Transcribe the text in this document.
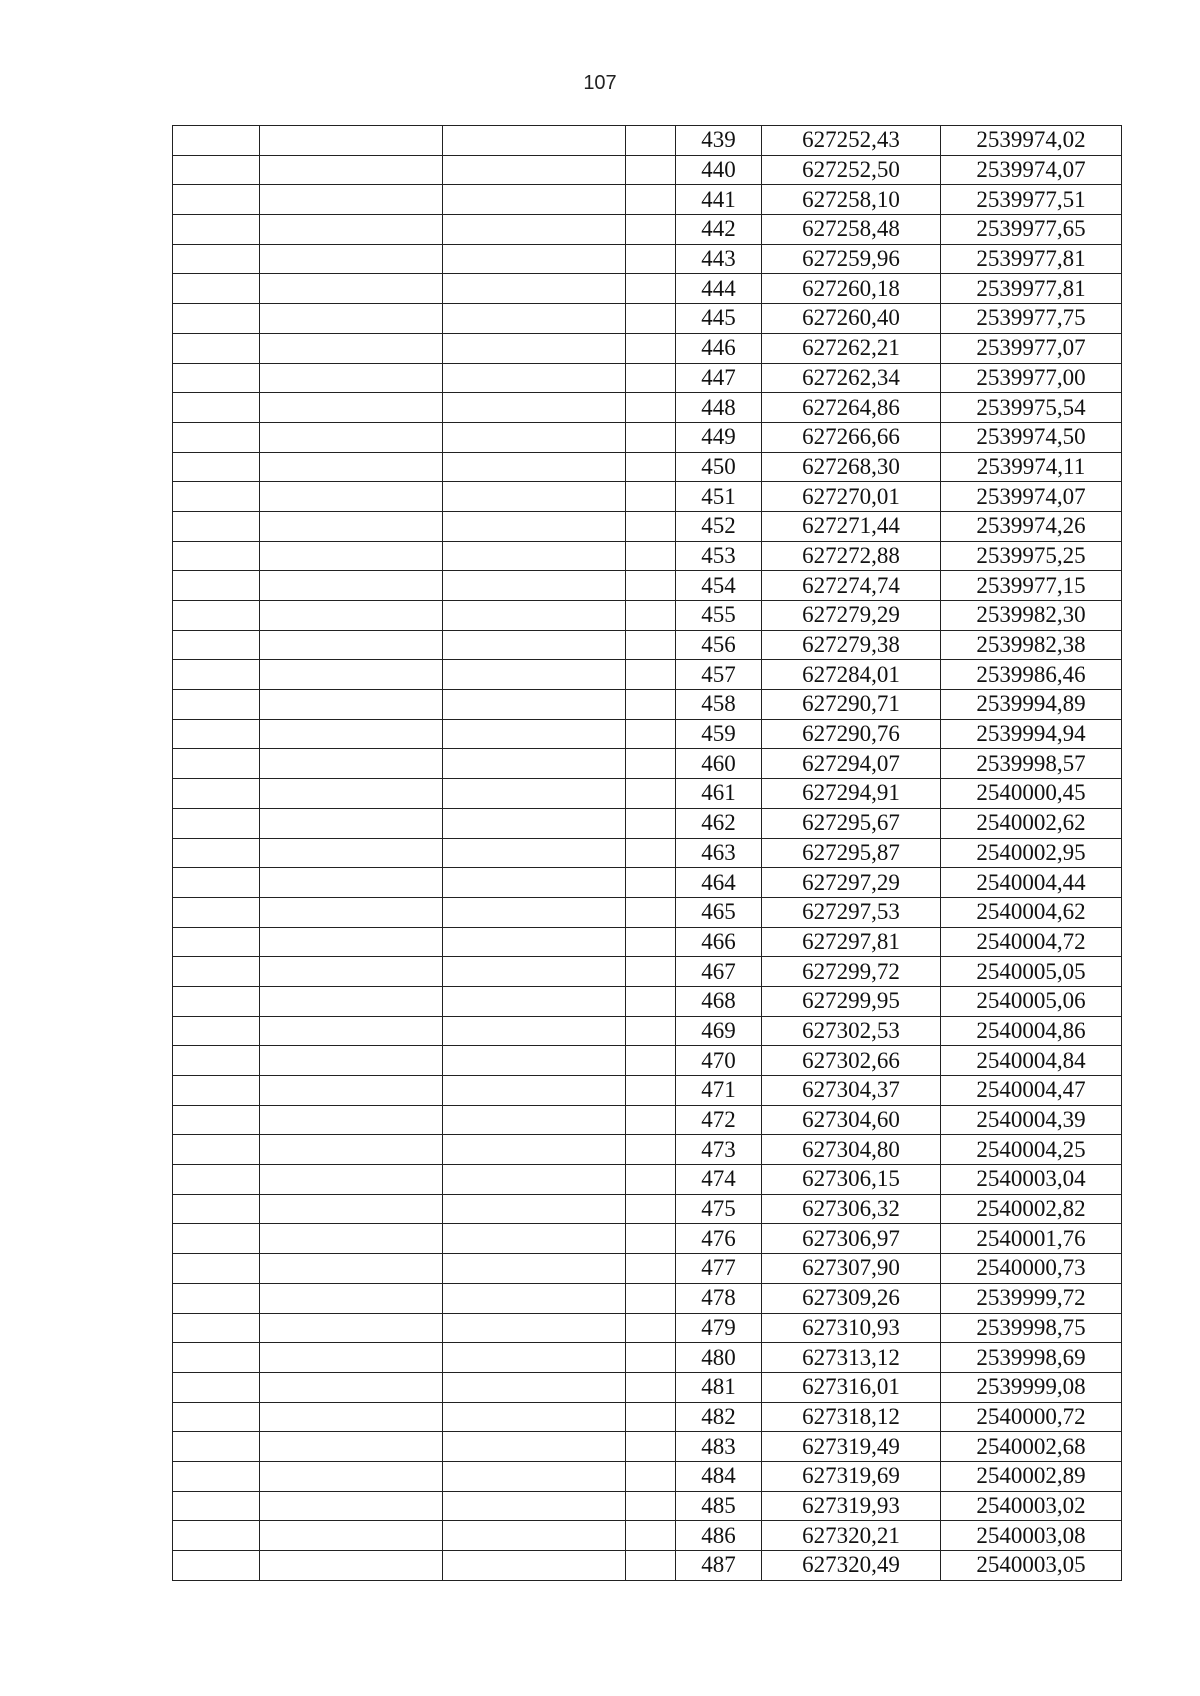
107
				439	627252,43	2539974,02
				440	627252,50	2539974,07
				441	627258,10	2539977,51
				442	627258,48	2539977,65
				443	627259,96	2539977,81
				444	627260,18	2539977,81
				445	627260,40	2539977,75
				446	627262,21	2539977,07
				447	627262,34	2539977,00
				448	627264,86	2539975,54
				449	627266,66	2539974,50
				450	627268,30	2539974,11
				451	627270,01	2539974,07
				452	627271,44	2539974,26
				453	627272,88	2539975,25
				454	627274,74	2539977,15
				455	627279,29	2539982,30
				456	627279,38	2539982,38
				457	627284,01	2539986,46
				458	627290,71	2539994,89
				459	627290,76	2539994,94
				460	627294,07	2539998,57
				461	627294,91	2540000,45
				462	627295,67	2540002,62
				463	627295,87	2540002,95
				464	627297,29	2540004,44
				465	627297,53	2540004,62
				466	627297,81	2540004,72
				467	627299,72	2540005,05
				468	627299,95	2540005,06
				469	627302,53	2540004,86
				470	627302,66	2540004,84
				471	627304,37	2540004,47
				472	627304,60	2540004,39
				473	627304,80	2540004,25
				474	627306,15	2540003,04
				475	627306,32	2540002,82
				476	627306,97	2540001,76
				477	627307,90	2540000,73
				478	627309,26	2539999,72
				479	627310,93	2539998,75
				480	627313,12	2539998,69
				481	627316,01	2539999,08
				482	627318,12	2540000,72
				483	627319,49	2540002,68
				484	627319,69	2540002,89
				485	627319,93	2540003,02
				486	627320,21	2540003,08
				487	627320,49	2540003,05
